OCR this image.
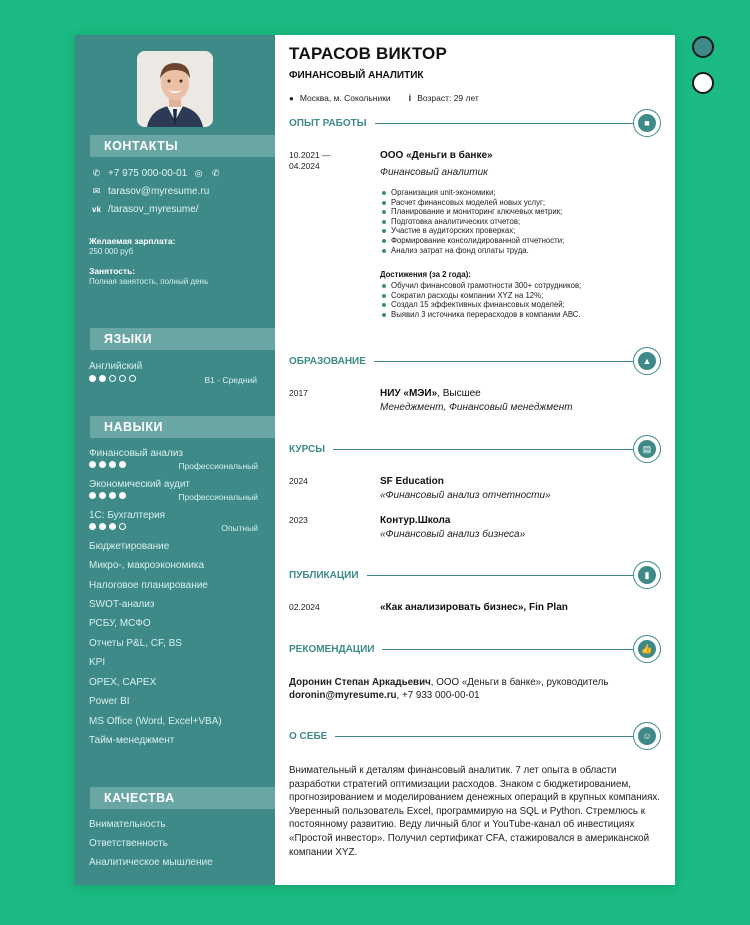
КОНТАКТЫ
✆ +7 975 000-00-01 ◎ ✆
✉ tarasov@myresume.ru
vk /tarasov_myresume/
Желаемая зарплата:
250 000 руб
Занятость:
Полная занятость, полный день
ЯЗЫКИ
Английский
B1 - Средний
НАВЫКИ
Финансовый анализ
Профессиональный
Экономический аудит
Профессиональный
1С: Бухгалтерия
Опытный
Бюджетирование
Микро-, макроэкономика
Налоговое планирование
SWOT-анализ
РСБУ, МСФО
Отчеты P&L, CF, BS
KPI
OPEX, CAPEX
Power BI
MS Office (Word, Excel+VBA)
Тайм-менеджмент
КАЧЕСТВА
Внимательность
Ответственность
Аналитическое мышление
ТАРАСОВ ВИКТОР
ФИНАНСОВЫЙ АНАЛИТИК
● Москва, м. Сокольники i Возраст: 29 лет
ОПЫТ РАБОТЫ	■
10.2021 —
04.2024
ООО «Деньги в банке»
Финансовый аналитик
Организация unit-экономики;
Расчет финансовых моделей новых услуг;
Планирование и мониторинг ключевых метрик;
Подготовка аналитических отчетов;
Участие в аудиторских проверках;
Формирование консолидированной отчетности;
Анализ затрат на фонд оплаты труда.
Достижения (за 2 года):
Обучил финансовой грамотности 300+ сотрудников;
Сократил расходы компании XYZ на 12%;
Создал 15 эффективных финансовых моделей;
Выявил 3 источника перерасходов в компании АВС.
ОБРАЗОВАНИЕ	▲
2017	НИУ «МЭИ», Высшее
Менеджмент, Финансовый менеджмент
КУРСЫ	▤
2024	SF Education
«Финансовый анализ отчетности»
2023	Контур.Школа
«Финансовый анализ бизнеса»
ПУБЛИКАЦИИ	▮
02.2024	«Как анализировать бизнес», Fin Plan
РЕКОМЕНДАЦИИ	👍
Доронин Степан Аркадьевич, ООО «Деньги в банке», руководитель
doronin@myresume.ru, +7 933 000-00-01
О СЕБЕ	☺
Внимательный к деталям финансовый аналитик. 7 лет опыта в области разработки стратегий оптимизации расходов. Знаком с бюджетированием, прогнозированием и моделированием денежных операций в крупных компаниях. Уверенный пользователь Excel, программирую на SQL и Python. Стремлюсь к постоянному развитию. Веду личный блог и YouTube-канал об инвестициях «Простой инвестор». Получил сертификат CFA, стажировался в американской компании XYZ.
